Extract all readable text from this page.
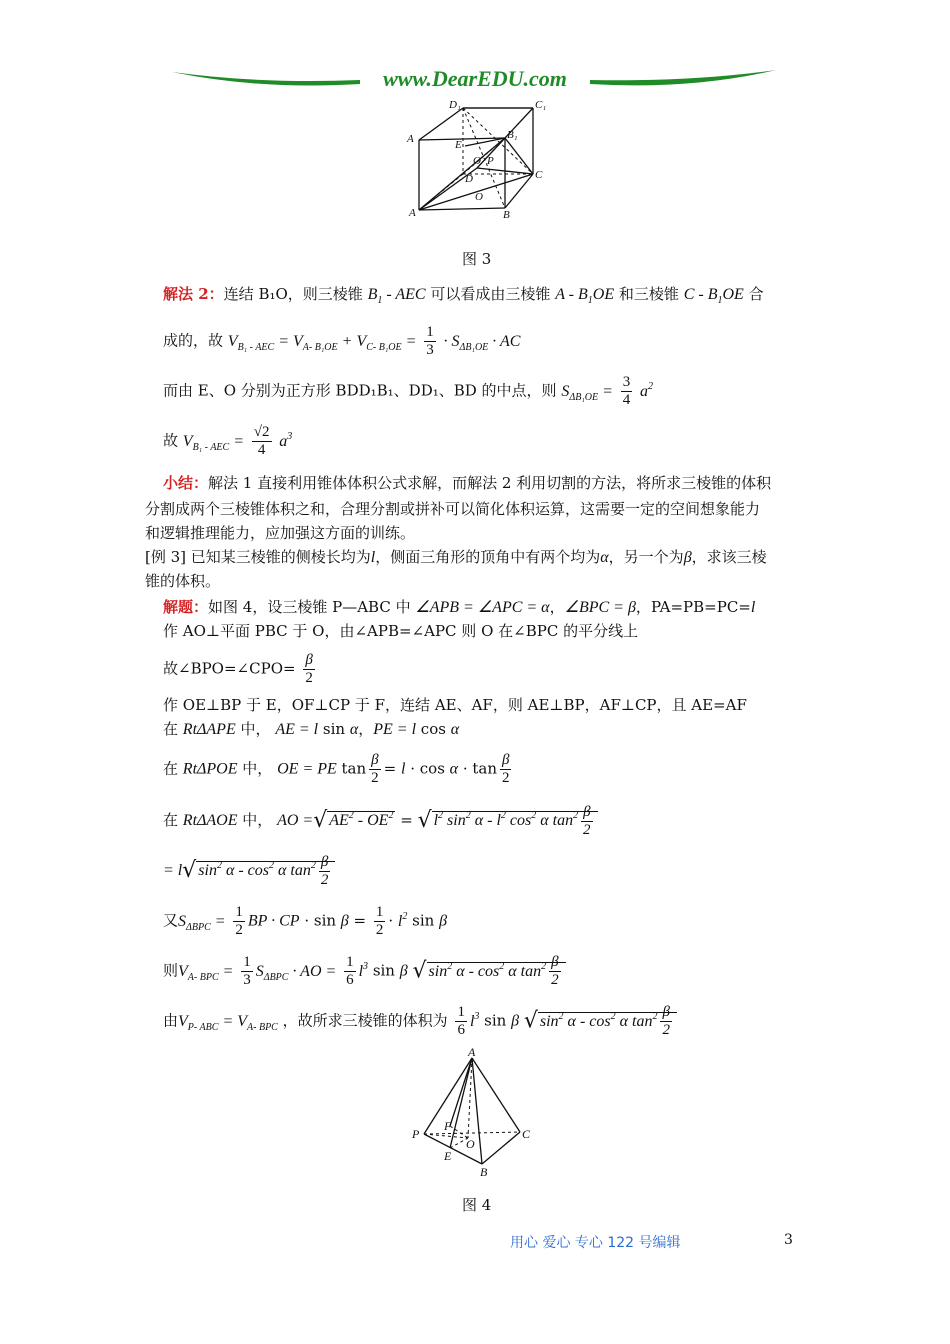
www.DearEDU.com
D₁	C₁
A	B₁
E
P
O
D	C
O
A	B
图 3
解法 2：连结 B₁O，则三棱锥 $B_1$ - AEC 可以看成由三棱锥 A - $B_1OE$ 和三棱锥 C - $B_1OE$ 合
成的，故 $V_{B_1 - AEC} = V_{A- B_1OE} + V_{C- B_1OE} = \frac{1}{3} \cdot S_{\Delta B_1OE}$ · AC
而由 E、O 分别为正方形 BDD₁B₁、DD₁、BD 的中点，则 $S_{\Delta B_1OE} = \frac{3}{4} a^2$
故 $V_{B_1 - AEC} = \frac{√2}{4} a^3$
小结：解法 1 直接利用锥体体积公式求解，而解法 2 利用切割的方法，将所求三棱锥的体积
分割成两个三棱锥体积之和，合理分割或拼补可以简化体积运算，这需要一定的空间想象能力
和逻辑推理能力，应加强这方面的训练。
[例 3] 已知某三棱锥的侧棱长均为l，侧面三角形的顶角中有两个均为α，另一个为β，求该三棱
锥的体积。
解题：如图 4，设三棱锥 P—ABC 中 ∠APB = ∠APC = α，∠BPC = β，PA=PB=PC=l
作 AO⊥平面 PBC 于 O，由∠APB=∠APC 则 O 在∠BPC 的平分线上
故∠BPO=∠CPO= $\frac{\beta}{2}$
作 OE⊥BP 于 E，OF⊥CP 于 F，连结 AE、AF，则 AE⊥BP，AF⊥CP，且 AE=AF
在 RtΔAPE 中， AE = l sin α，PE = l cos α
在 RtΔPOE 中， OE = PE $\tan \frac{\beta}{2} = l \cdot \cos \alpha \cdot \tan \frac{\beta}{2}$
在 RtΔAOE 中， AO =√ $AE^2 - OE^2$ = √ $l^2$ $\sin^2 \alpha - l^2$ $\cos^2 \alpha$ $\tan^2 \frac{\beta}{2}$
= l√ $\sin^2 \alpha - \cos^2 \alpha$ $\tan^2 \frac{\beta}{2}$
又$S_{\Delta BPC} = \frac{1}{2}$ BP · CP · $\sin \beta = \frac{1}{2} \cdot l^2$ sin β
则$V_{A- BPC} = \frac{1}{3} S_{\Delta BPC}$ · AO = $\frac{1}{6} l^3$ sin β √ $\sin^2 \alpha - \cos^2 \alpha$ $\tan^2 \frac{\beta}{2}$
由$V_{P- ABC} = V_{A- BPC}$ ，故所求三棱锥的体积为 $\frac{1}{6} l^3$ sin β √ $\sin^2 \alpha - \cos^2 \alpha$ $\tan^2 \frac{\beta}{2}$
A
P
F
O
C
E
B
图 4
用心 爱心 专心 122 号编辑	3
